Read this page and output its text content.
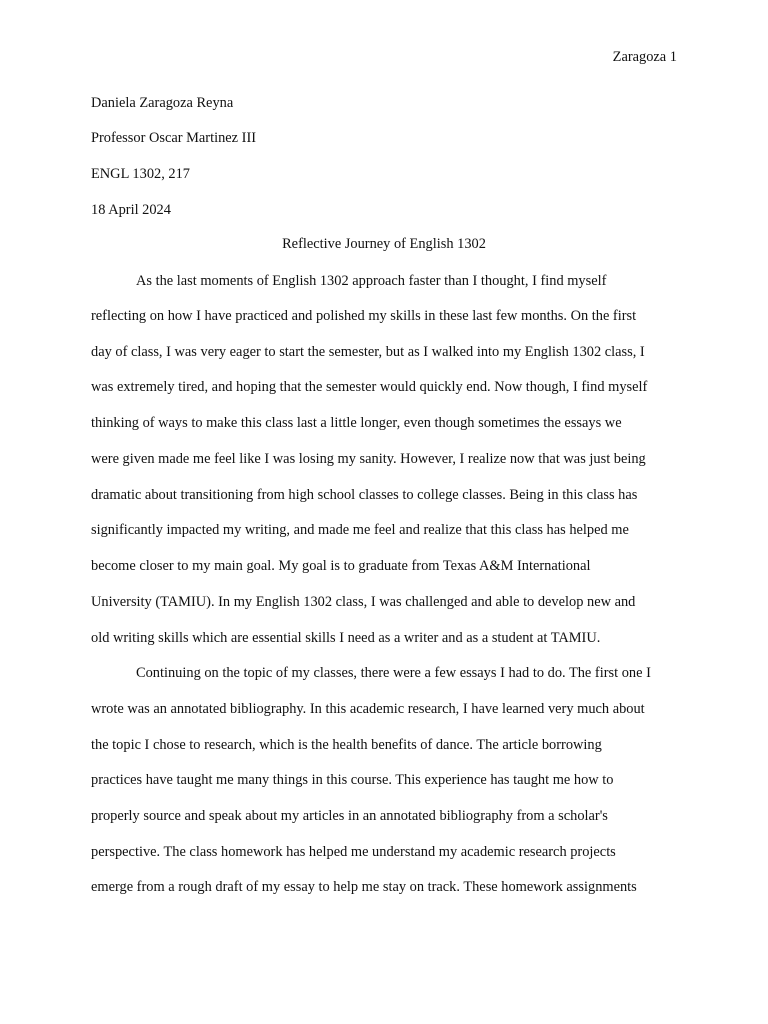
Zaragoza 1
Daniela Zaragoza Reyna
Professor Oscar Martinez III
ENGL 1302, 217
18 April 2024
Reflective Journey of English 1302
As the last moments of English 1302 approach faster than I thought, I find myself
reflecting on how I have practiced and polished my skills in these last few months. On the first
day of class, I was very eager to start the semester, but as I walked into my English 1302 class, I
was extremely tired, and hoping that the semester would quickly end. Now though, I find myself
thinking of ways to make this class last a little longer, even though sometimes the essays we
were given made me feel like I was losing my sanity. However, I realize now that was just being
dramatic about transitioning from high school classes to college classes. Being in this class has
significantly impacted my writing, and made me feel and realize that this class has helped me
become closer to my main goal. My goal is to graduate from Texas A&M International
University (TAMIU). In my English 1302 class, I was challenged and able to develop new and
old writing skills which are essential skills I need as a writer and as a student at TAMIU.
Continuing on the topic of my classes, there were a few essays I had to do. The first one I
wrote was an annotated bibliography. In this academic research, I have learned very much about
the topic I chose to research, which is the health benefits of dance. The article borrowing
practices have taught me many things in this course. This experience has taught me how to
properly source and speak about my articles in an annotated bibliography from a scholar's
perspective. The class homework has helped me understand my academic research projects
emerge from a rough draft of my essay to help me stay on track. These homework assignments
